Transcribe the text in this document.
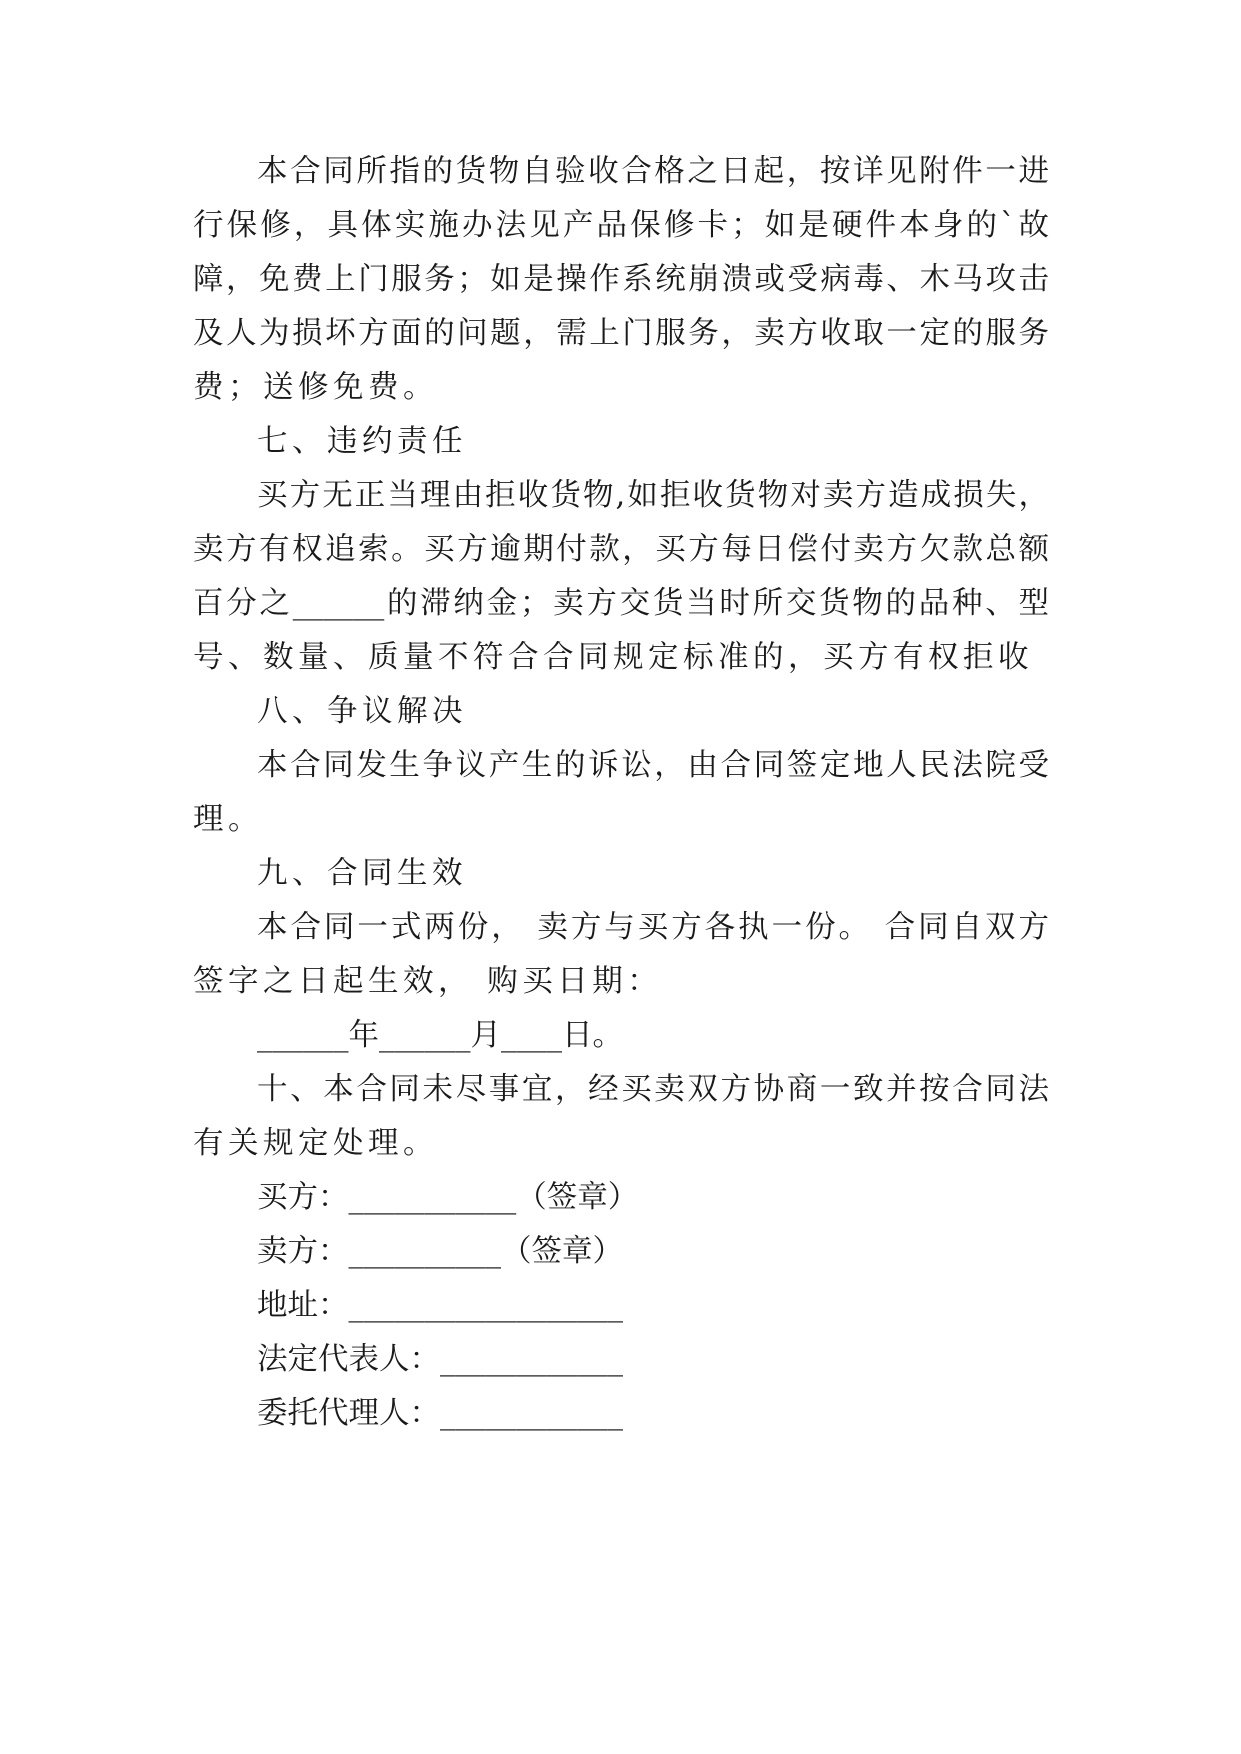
本合同所指的货物自验收合格之日起，按详见附件一进
行保修，具体实施办法见产品保修卡；如是硬件本身的`故
障，免费上门服务；如是操作系统崩溃或受病毒、木马攻击
及人为损坏方面的问题，需上门服务，卖方收取一定的服务
费；送修免费。
七、违约责任
买方无正当理由拒收货物,如拒收货物对卖方造成损失，
卖方有权追索。买方逾期付款，买方每日偿付卖方欠款总额
百分之______的滞纳金；卖方交货当时所交货物的品种、型
号、数量、质量不符合合同规定标准的，买方有权拒收
八、争议解决
本合同发生争议产生的诉讼，由合同签定地人民法院受
理。
九、合同生效
本合同一式两份， 卖方与买方各执一份。 合同自双方
签字之日起生效， 购买日期：
______年______月____日。
十、本合同未尽事宜，经买卖双方协商一致并按合同法
有关规定处理。
买方：___________（签章）
卖方：__________（签章）
地址：__________________
法定代表人：____________
委托代理人：____________
